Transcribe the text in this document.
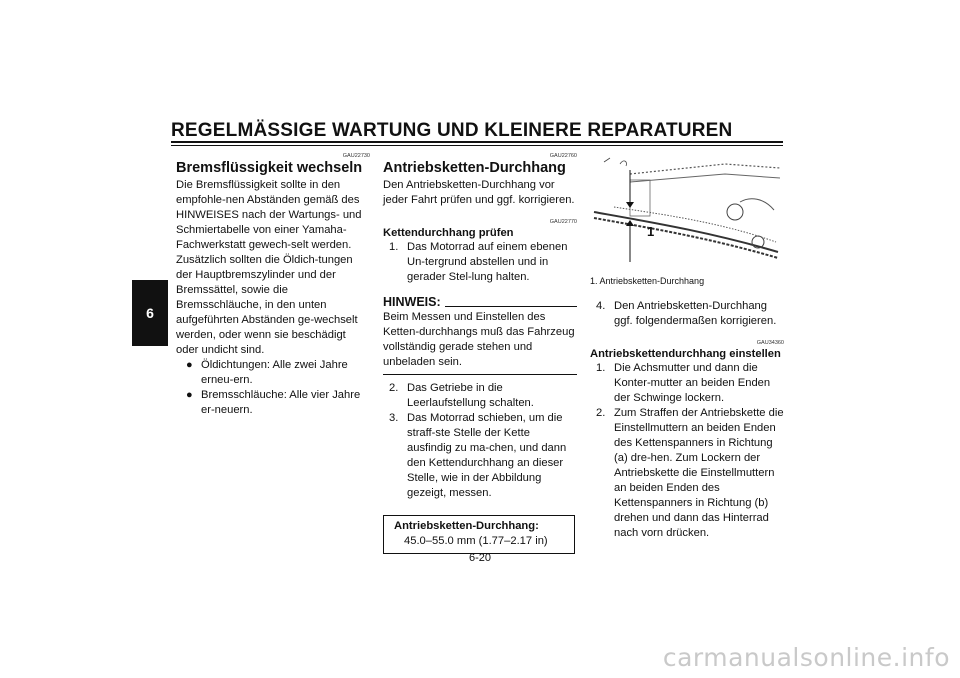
REGELMÄSSIGE WARTUNG UND KLEINERE REPARATUREN
6
GAU22730
Bremsflüssigkeit wechseln

Die Bremsflüssigkeit sollte in den empfohle-nen Abständen gemäß des HINWEISES nach der Wartungs- und Schmiertabelle von einer Yamaha-Fachwerkstatt gewech-selt werden. Zusätzlich sollten die Öldich-tungen der Hauptbremszylinder und der Bremssättel, sowie die Bremsschläuche, in den unten aufgeführten Abständen ge-wechselt werden, oder wenn sie beschädigt oder undicht sind.

● Öldichtungen: Alle zwei Jahre erneu-ern.
● Bremsschläuche: Alle vier Jahre er-neuern.
GAU22760
Antriebsketten-Durchhang

Den Antriebsketten-Durchhang vor jeder Fahrt prüfen und ggf. korrigieren.

GAU22770
Kettendurchhang prüfen
1. Das Motorrad auf einem ebenen Un-tergrund abstellen und in gerader Stel-lung halten.
HINWEIS:

Beim Messen und Einstellen des Ketten-durchhangs muß das Fahrzeug vollständig gerade stehen und unbeladen sein.

2. Das Getriebe in die Leerlaufstellung schalten.
3. Das Motorrad schieben, um die straff-ste Stelle der Kette ausfindig zu ma-chen, und dann den Kettendurchhang an dieser Stelle, wie in der Abbildung gezeigt, messen.
Antriebsketten-Durchhang:
45.0–55.0 mm (1.77–2.17 in)
1
1. Antriebsketten-Durchhang
4. Den Antriebsketten-Durchhang ggf. folgendermaßen korrigieren.
GAU34360
Antriebskettendurchhang einstellen
1. Die Achsmutter und dann die Konter-mutter an beiden Enden der Schwinge lockern.
2. Zum Straffen der Antriebskette die Einstellmuttern an beiden Enden des Kettenspanners in Richtung (a) dre-hen. Zum Lockern der Antriebskette die Einstellmuttern an beiden Enden des Kettenspanners in Richtung (b) drehen und dann das Hinterrad nach vorn drücken.
6-20
carmanualsonline.info
